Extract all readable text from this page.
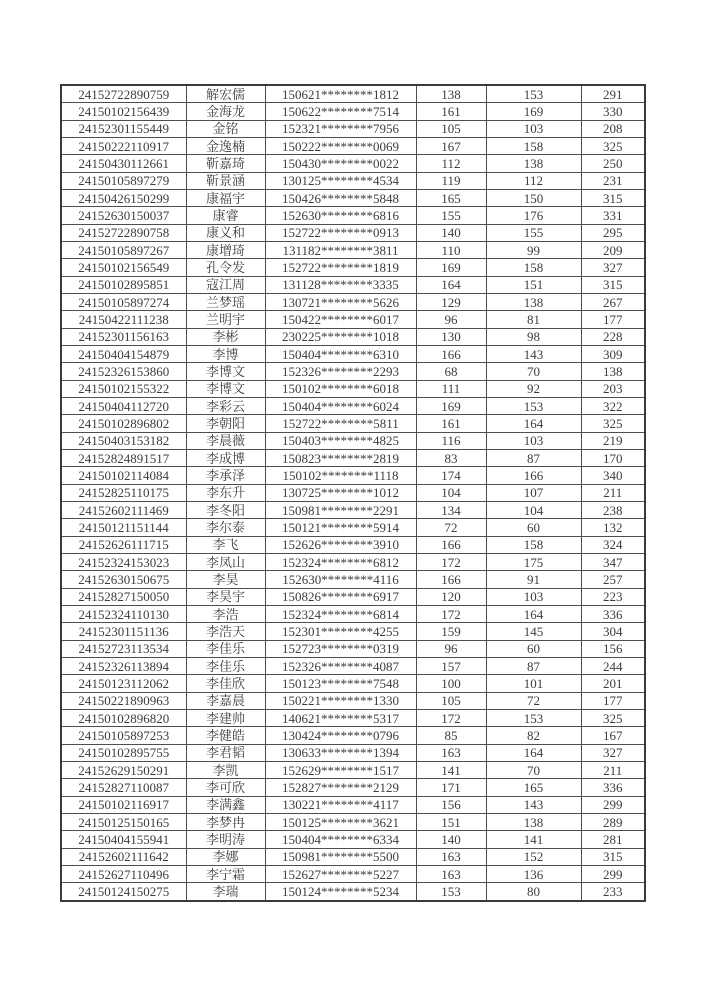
24152722890759	解宏儒	150621********1812	138	153	291
24150102156439	金海龙	150622********7514	161	169	330
24152301155449	金铭	152321********7956	105	103	208
24150222110917	金逸楠	150222********0069	167	158	325
24150430112661	靳嘉琦	150430********0022	112	138	250
24150105897279	靳景涵	130125********4534	119	112	231
24150426150299	康福宇	150426********5848	165	150	315
24152630150037	康睿	152630********6816	155	176	331
24152722890758	康义和	152722********0913	140	155	295
24150105897267	康增琦	131182********3811	110	99	209
24150102156549	孔令发	152722********1819	169	158	327
24150102895851	寇江周	131128********3335	164	151	315
24150105897274	兰梦瑶	130721********5626	129	138	267
24150422111238	兰明宇	150422********6017	96	81	177
24152301156163	李彬	230225********1018	130	98	228
24150404154879	李博	150404********6310	166	143	309
24152326153860	李博文	152326********2293	68	70	138
24150102155322	李博文	150102********6018	111	92	203
24150404112720	李彩云	150404********6024	169	153	322
24150102896802	李朝阳	152722********5811	161	164	325
24150403153182	李晨薇	150403********4825	116	103	219
24152824891517	李成博	150823********2819	83	87	170
24150102114084	李承泽	150102********1118	174	166	340
24152825110175	李东升	130725********1012	104	107	211
24152602111469	李冬阳	150981********2291	134	104	238
24150121151144	李尔泰	150121********5914	72	60	132
24152626111715	李飞	152626********3910	166	158	324
24152324153023	李凤山	152324********6812	172	175	347
24152630150675	李昊	152630********4116	166	91	257
24152827150050	李昊宇	150826********6917	120	103	223
24152324110130	李浩	152324********6814	172	164	336
24152301151136	李浩天	152301********4255	159	145	304
24152723113534	李佳乐	152723********0319	96	60	156
24152326113894	李佳乐	152326********4087	157	87	244
24150123112062	李佳欣	150123********7548	100	101	201
24150221890963	李嘉晨	150221********1330	105	72	177
24150102896820	李建帅	140621********5317	172	153	325
24150105897253	李健皓	130424********0796	85	82	167
24150102895755	李君韬	130633********1394	163	164	327
24152629150291	李凯	152629********1517	141	70	211
24152827110087	李可欣	152827********2129	171	165	336
24150102116917	李满鑫	130221********4117	156	143	299
24150125150165	李梦冉	150125********3621	151	138	289
24150404155941	李明涛	150404********6334	140	141	281
24152602111642	李娜	150981********5500	163	152	315
24152627110496	李宁霜	152627********5227	163	136	299
24150124150275	李瑞	150124********5234	153	80	233
